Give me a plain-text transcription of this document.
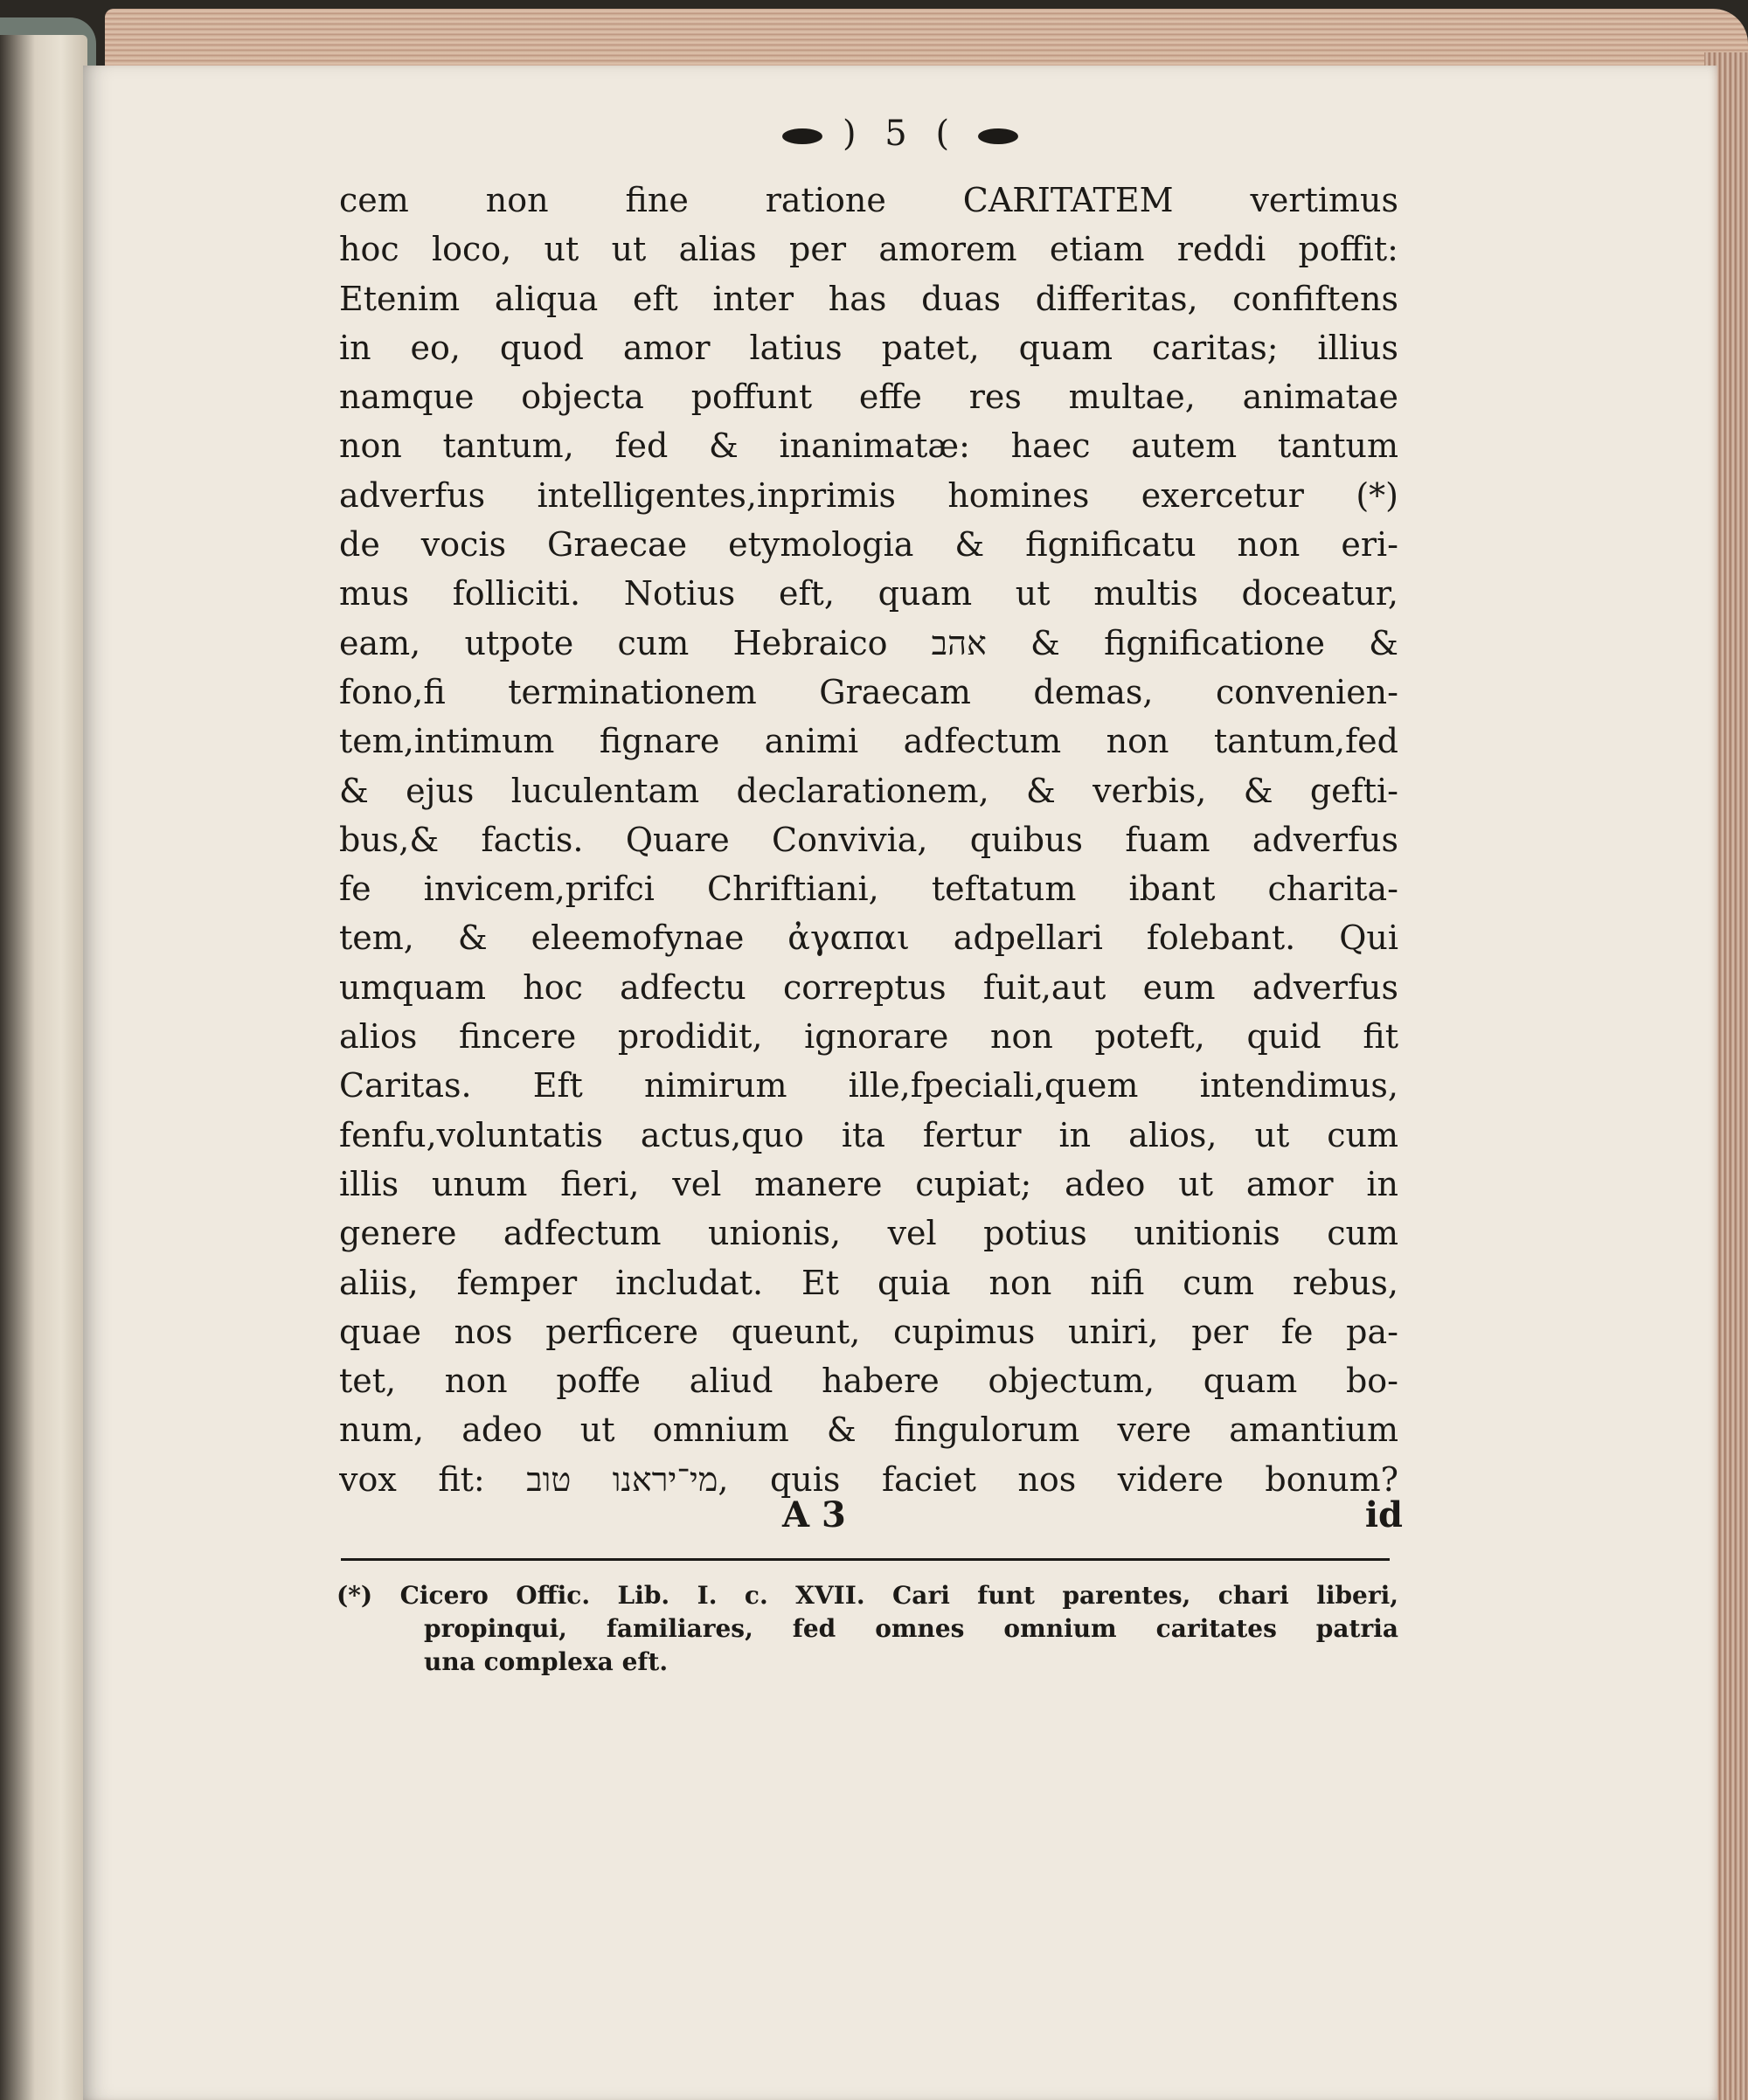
) 5 (
cem non fine ratione CARITATEM vertimus
hoc loco, ut ut alias per amorem etiam reddi poffit:
Etenim aliqua eft inter has duas differitas, confiftens
in eo, quod amor latius patet, quam caritas; illius
namque objecta poffunt effe res multae, animatae
non tantum, fed & inanimatæ: haec autem tantum
adverfus intelligentes,inprimis homines exercetur (*)
de vocis Graecae etymologia & fignificatu non eri-
mus folliciti. Notius eft, quam ut multis doceatur,
eam, utpote cum Hebraico אהב & fignificatione &
fono,fi terminationem Graecam demas, convenien-
tem,intimum fignare animi adfectum non tantum,fed
& ejus luculentam declarationem, & verbis, & gefti-
bus,& factis. Quare Convivia, quibus fuam adverfus
fe invicem,prifci Chriftiani, teftatum ibant charita-
tem, & eleemofynae ἀγαπαι adpellari folebant. Qui
umquam hoc adfectu correptus fuit,aut eum adverfus
alios fincere prodidit, ignorare non poteft, quid fit
Caritas. Eft nimirum ille,fpeciali,quem intendimus,
fenfu,voluntatis actus,quo ita fertur in alios, ut cum
illis unum fieri, vel manere cupiat; adeo ut amor in
genere adfectum unionis, vel potius unitionis cum
aliis, femper includat. Et quia non nifi cum rebus,
quae nos perficere queunt, cupimus uniri, per fe pa-
tet, non poffe aliud habere objectum, quam bo-
num, adeo ut omnium & fingulorum vere amantium
vox fit: מי־יראנו טוב, quis faciet nos videre bonum?
A 3	id
(*) Cicero Offic. Lib. I. c. XVII. Cari funt parentes, chari liberi,
propinqui, familiares, fed omnes omnium caritates patria
una complexa eft.
